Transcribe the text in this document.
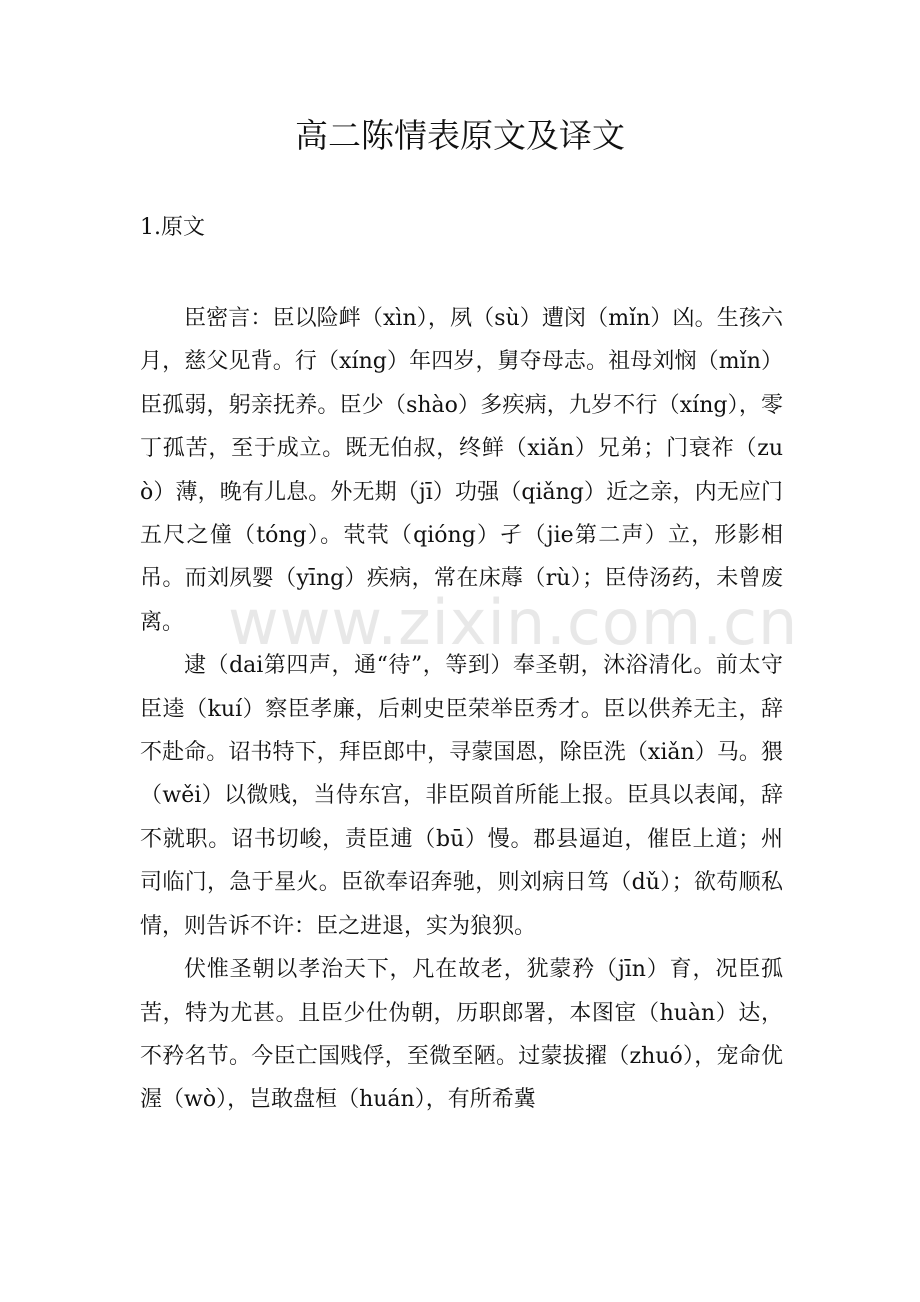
www.zixin.com.cn
高二陈情表原文及译文
1.原文

臣密言：臣以险衅（xìn），夙（sù）遭闵（mǐn）凶。生孩六月，慈父见背。行（xíng）年四岁，舅夺母志。祖母刘悯（mǐn）臣孤弱，躬亲抚养。臣少（shào）多疾病，九岁不行（xíng），零丁孤苦，至于成立。既无伯叔，终鲜（xiǎn）兄弟；门衰祚（zuò）薄，晚有儿息。外无期（jī）功强（qiǎng）近之亲，内无应门五尺之僮（tóng）。茕茕（qióng）孑（jie第二声）立，形影相吊。而刘夙婴（yīng）疾病，常在床蓐（rù）；臣侍汤药，未曾废离。

逮（dai第四声，通“待”，等到）奉圣朝，沐浴清化。前太守臣逵（kuí）察臣孝廉，后刺史臣荣举臣秀才。臣以供养无主，辞不赴命。诏书特下，拜臣郎中，寻蒙国恩，除臣洗（xiǎn）马。猥（wěi）以微贱，当侍东宫，非臣陨首所能上报。臣具以表闻，辞不就职。诏书切峻，责臣逋（bū）慢。郡县逼迫，催臣上道；州司临门，急于星火。臣欲奉诏奔驰，则刘病日笃（dǔ）；欲苟顺私情，则告诉不许：臣之进退，实为狼狈。

伏惟圣朝以孝治天下，凡在故老，犹蒙矜（jīn）育，况臣孤苦，特为尤甚。且臣少仕伪朝，历职郎署，本图宦（huàn）达，不矜名节。今臣亡国贱俘，至微至陋。过蒙拔擢（zhuó），宠命优渥（wò），岂敢盘桓（huán），有所希冀
